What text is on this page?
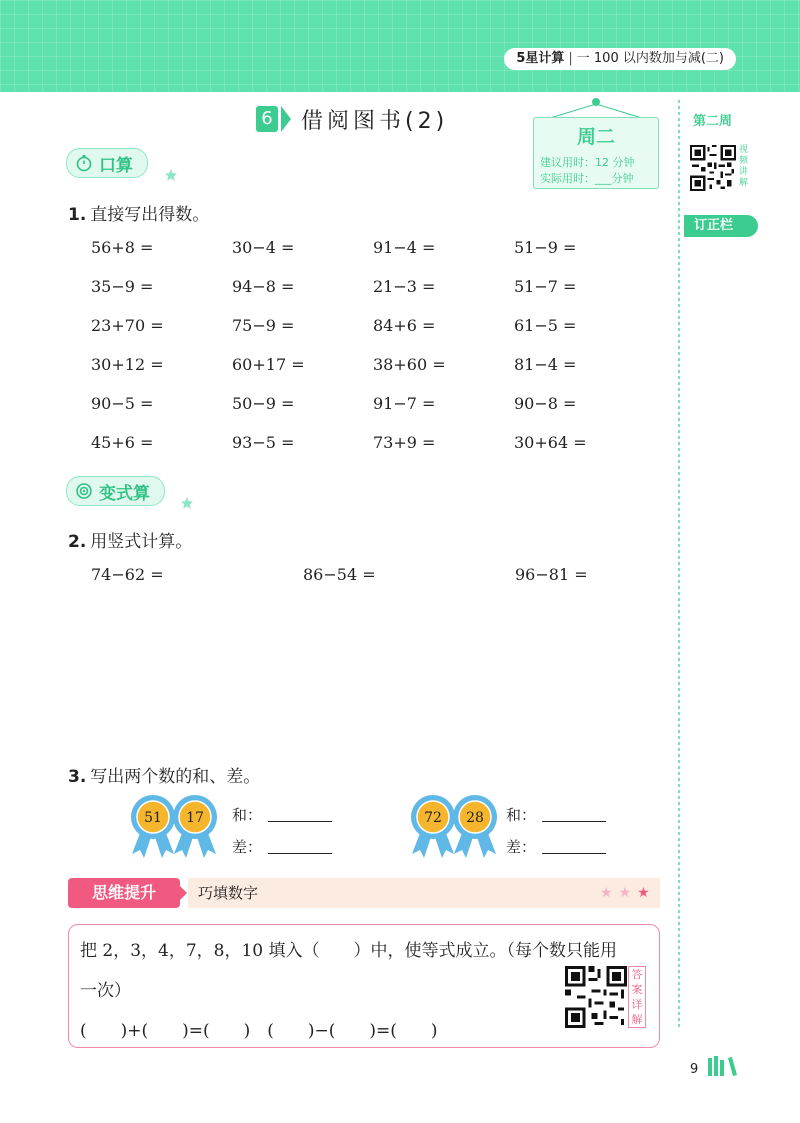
5星计算 | 一 100 以内数加与减(二)
6 借阅图书(2)
周二
建议用时：12 分钟
实际用时：___分钟
第二周
视频讲解
订正栏
口算
1. 直接写出得数。
56+8 =	30−4 =	91−4 =	51−9 =
35−9 =	94−8 =	21−3 =	51−7 =
23+70 =	75−9 =	84+6 =	61−5 =
30+12 =	60+17 =	38+60 =	81−4 =
90−5 =	50−9 =	91−7 =	90−8 =
45+6 =	93−5 =	73+9 =	30+64 =
变式算
2. 用竖式计算。
74−62 =	86−54 =	96−81 =
3. 写出两个数的和、差。
51 17 和：
差：
72 28 和：
差：
思维提升	巧填数字	★ ★ ★
把 2，3，4，7，8，10 填入（　　）中，使等式成立。（每个数只能用
一次）
(　　)+(　　)=(　　)　(　　)−(　　)=(　　)
答案详解
9
